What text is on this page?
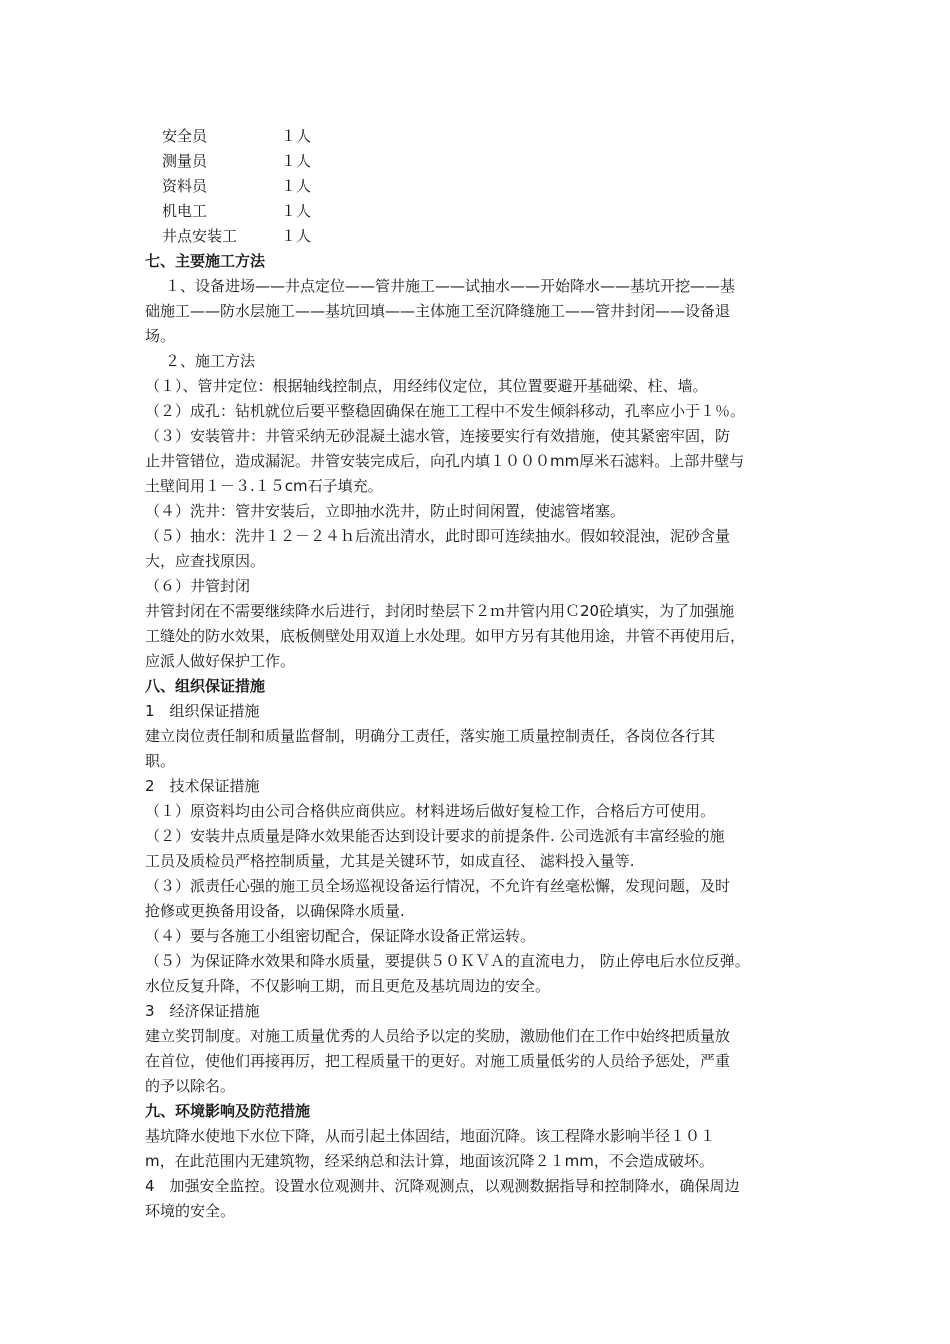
安全员	１人
测量员	１人
资料员	１人
机电工	１人
井点安装工	１人
七、主要施工方法
１、设备进场——井点定位——管井施工——试抽水——开始降水——基坑开挖——基
础施工——防水层施工——基坑回填——主体施工至沉降缝施工——管井封闭——设备退
场。
２、施工方法
（１）、管井定位：根据轴线控制点，用经纬仪定位，其位置要避开基础梁、柱、墙。
（２）成孔：钻机就位后要平整稳固确保在施工工程中不发生倾斜移动，孔率应小于１％。
（３）安装管井：井管采纳无砂混凝土滤水管，连接要实行有效措施，使其紧密牢固，防
止井管错位，造成漏泥。井管安装完成后，向孔内填１０００mm厚米石滤料。上部井壁与
土壁间用１－３.１５cm石子填充。
（４）洗井：管井安装后，立即抽水洗井，防止时间闲置，使滤管堵塞。
（５）抽水：洗井１２－２４ｈ后流出清水，此时即可连续抽水。假如较混浊，泥砂含量
大，应查找原因。
（６）井管封闭
井管封闭在不需要继续降水后进行，封闭时垫层下２ｍ井管内用Ｃ20砼填实，为了加强施
工缝处的防水效果，底板侧壁处用双道上水处理。如甲方另有其他用途，井管不再使用后，
应派人做好保护工作。
八、组织保证措施
1　组织保证措施
建立岗位责任制和质量监督制，明确分工责任，落实施工质量控制责任，各岗位各行其
职。
2　技术保证措施
（１）原资料均由公司合格供应商供应。材料进场后做好复检工作，合格后方可使用。
（２）安装井点质量是降水效果能否达到设计要求的前提条件. 公司选派有丰富经验的施
工员及质检员严格控制质量，尤其是关键环节，如成直径、 滤料投入量等.
（３）派责任心强的施工员全场巡视设备运行情况，不允许有丝毫松懈，发现问题，及时
抢修或更换备用设备，以确保降水质量.
（４）要与各施工小组密切配合，保证降水设备正常运转。
（５）为保证降水效果和降水质量，要提供５０ＫＶＡ的直流电力， 防止停电后水位反弹。
水位反复升降，不仅影响工期，而且更危及基坑周边的安全。
3　经济保证措施
建立奖罚制度。对施工质量优秀的人员给予以定的奖励，激励他们在工作中始终把质量放
在首位，使他们再接再厉，把工程质量干的更好。对施工质量低劣的人员给予惩处，严重
的予以除名。
九、环境影响及防范措施
基坑降水使地下水位下降，从而引起土体固结，地面沉降。该工程降水影响半径１０１
m，在此范围内无建筑物，经采纳总和法计算，地面该沉降２１mm，不会造成破坏。
4　加强安全监控。设置水位观测井、沉降观测点，以观测数据指导和控制降水，确保周边
环境的安全。
